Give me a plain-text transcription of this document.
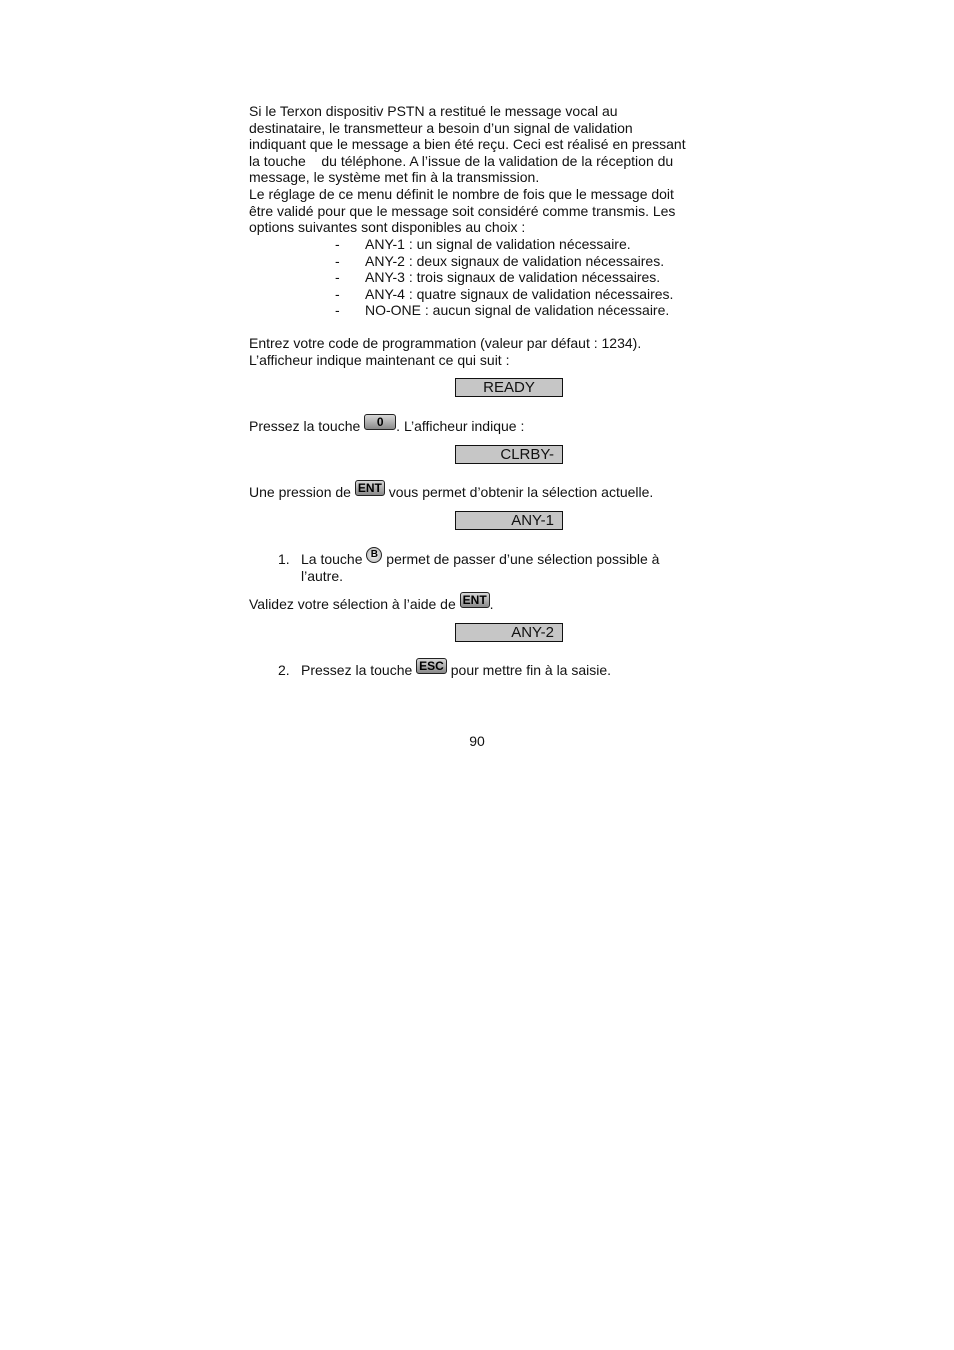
Si le Terxon dispositiv PSTN a restitué le message vocal au

destinataire, le transmetteur a besoin d’un signal de validation

indiquant que le message a bien été reçu. Ceci est réalisé en pressant

la touche    du téléphone. A l’issue de la validation de la réception du

message, le système met fin à la transmission.

Le réglage de ce menu définit le nombre de fois que le message doit

être validé pour que le message soit considéré comme transmis. Les

options suivantes sont disponibles au choix :

-	ANY-1 : un signal de validation nécessaire.
-	ANY-2 : deux signaux de validation nécessaires.
-	ANY-3 : trois signaux de validation nécessaires.
-	ANY-4 : quatre signaux de validation nécessaires.
-	NO-ONE : aucun signal de validation nécessaire.

Entrez votre code de programmation (valeur par défaut : 1234).

L’afficheur indique maintenant ce qui suit :

READY
Pressez la touche 0 . L’afficheur indique :
CLRBY-
Une pression de ENT vous permet d’obtenir la sélection actuelle.
ANY-1
1. La touche B permet de passer d’une sélection possible à
l’autre.
Validez votre sélection à l’aide de ENT .
ANY-2
2. Pressez la touche ESC pour mettre fin à la saisie.
90
